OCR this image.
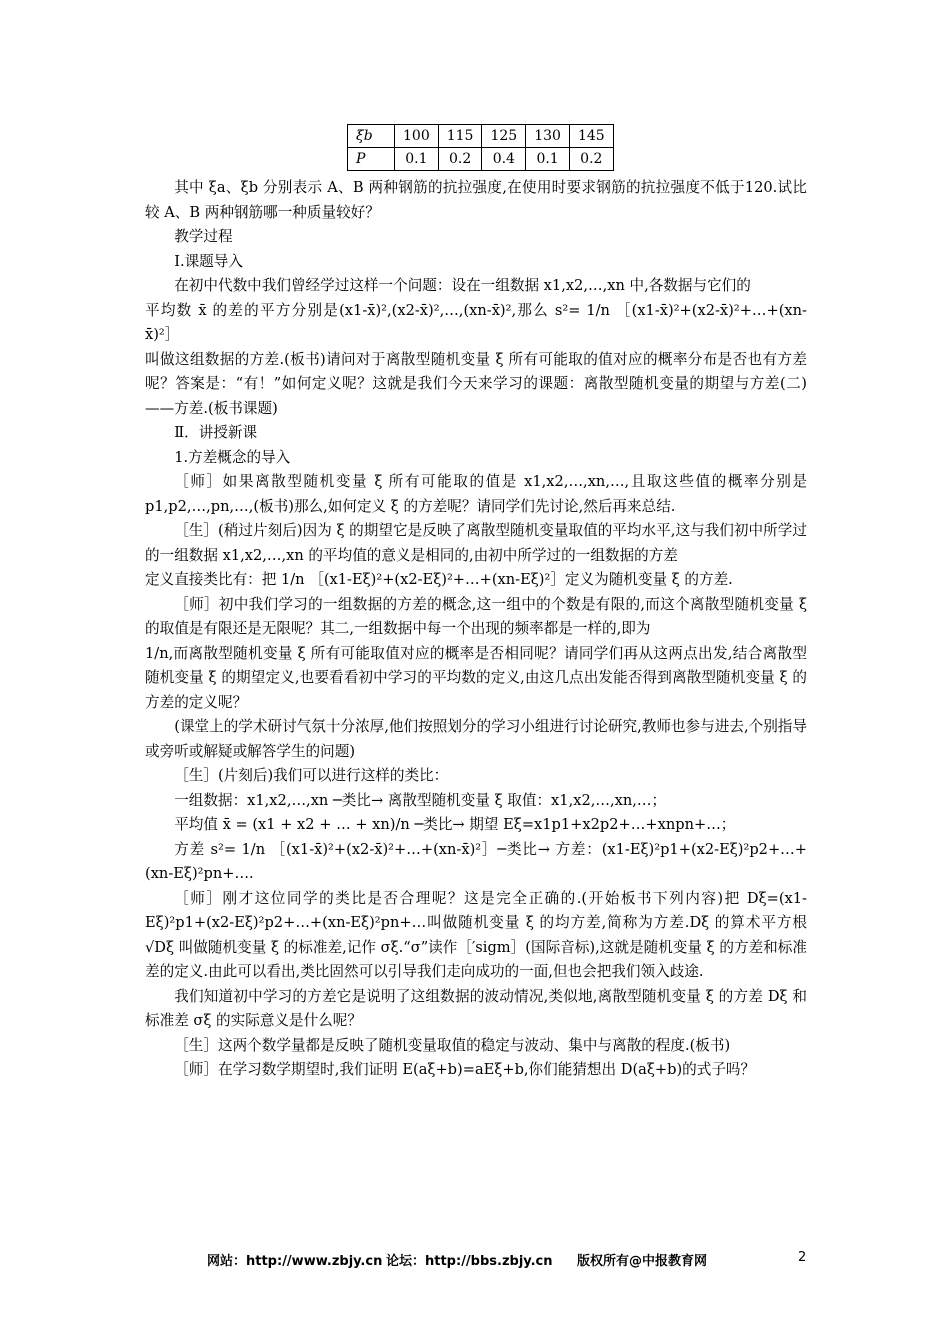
ξb	100	115	125	130	145
P	0.1	0.2	0.4	0.1	0.2

其中 ξa、ξb 分别表示 A、B 两种钢筋的抗拉强度,在使用时要求钢筋的抗拉强度不低于120.试比较 A、B 两种钢筋哪一种质量较好？

教学过程

I.课题导入

在初中代数中我们曾经学过这样一个问题：设在一组数据 x1,x2,…,xn 中,各数据与它们的

平均数 x̄ 的差的平方分别是(x1-x̄)²,(x2-x̄)²,…,(xn-x̄)²,那么 s²= 1/n ［(x1-x̄)²+(x2-x̄)²+…+(xn-x̄)²］

叫做这组数据的方差.(板书)请问对于离散型随机变量 ξ 所有可能取的值对应的概率分布是否也有方差呢？答案是：“有！”如何定义呢？这就是我们今天来学习的课题：离散型随机变量的期望与方差(二)——方差.(板书课题)

Ⅱ．讲授新课

1.方差概念的导入

［师］如果离散型随机变量 ξ 所有可能取的值是 x1,x2,…,xn,…,且取这些值的概率分别是 p1,p2,…,pn,…,(板书)那么,如何定义 ξ 的方差呢？请同学们先讨论,然后再来总结.

［生］(稍过片刻后)因为 ξ 的期望它是反映了离散型随机变量取值的平均水平,这与我们初中所学过的一组数据 x1,x2,…,xn 的平均值的意义是相同的,由初中所学过的一组数据的方差

定义直接类比有：把 1/n ［(x1-Eξ)²+(x2-Eξ)²+…+(xn-Eξ)²］定义为随机变量 ξ 的方差.

［师］初中我们学习的一组数据的方差的概念,这一组中的个数是有限的,而这个离散型随机变量 ξ 的取值是有限还是无限呢？其二,一组数据中每一个出现的频率都是一样的,即为

1/n,而离散型随机变量 ξ 所有可能取值对应的概率是否相同呢？请同学们再从这两点出发,结合离散型随机变量 ξ 的期望定义,也要看看初中学习的平均数的定义,由这几点出发能否得到离散型随机变量 ξ 的方差的定义呢？

(课堂上的学术研讨气氛十分浓厚,他们按照划分的学习小组进行讨论研究,教师也参与进去,个别指导或旁听或解疑或解答学生的问题)

［生］(片刻后)我们可以进行这样的类比：

一组数据：x1,x2,…,xn ─类比→ 离散型随机变量 ξ 取值：x1,x2,…,xn,…；

平均值 x̄ = (x1 + x2 + … + xn)/n ─类比→ 期望 Eξ=x1p1+x2p2+…+xnpn+…；

方差 s²= 1/n ［(x1-x̄)²+(x2-x̄)²+…+(xn-x̄)²］─类比→ 方差：(x1-Eξ)²p1+(x2-Eξ)²p2+…+(xn-Eξ)²pn+….

［师］刚才这位同学的类比是否合理呢？这是完全正确的.(开始板书下列内容)把 Dξ=(x1-Eξ)²p1+(x2-Eξ)²p2+…+(xn-Eξ)²pn+…叫做随机变量 ξ 的均方差,简称为方差.Dξ 的算术平方根 √Dξ 叫做随机变量 ξ 的标准差,记作 σξ.“σ”读作［′sigm］(国际音标),这就是随机变量 ξ 的方差和标准差的定义.由此可以看出,类比固然可以引导我们走向成功的一面,但也会把我们领入歧途.

我们知道初中学习的方差它是说明了这组数据的波动情况,类似地,离散型随机变量 ξ 的方差 Dξ 和标准差 σξ 的实际意义是什么呢？

［生］这两个数学量都是反映了随机变量取值的稳定与波动、集中与离散的程度.(板书)

［师］在学习数学期望时,我们证明 E(aξ+b)=aEξ+b,你们能猜想出 D(aξ+b)的式子吗？

网站：http://www.zbjy.cn 论坛：http://bbs.zbjy.cn 版权所有@中报教育网	2
